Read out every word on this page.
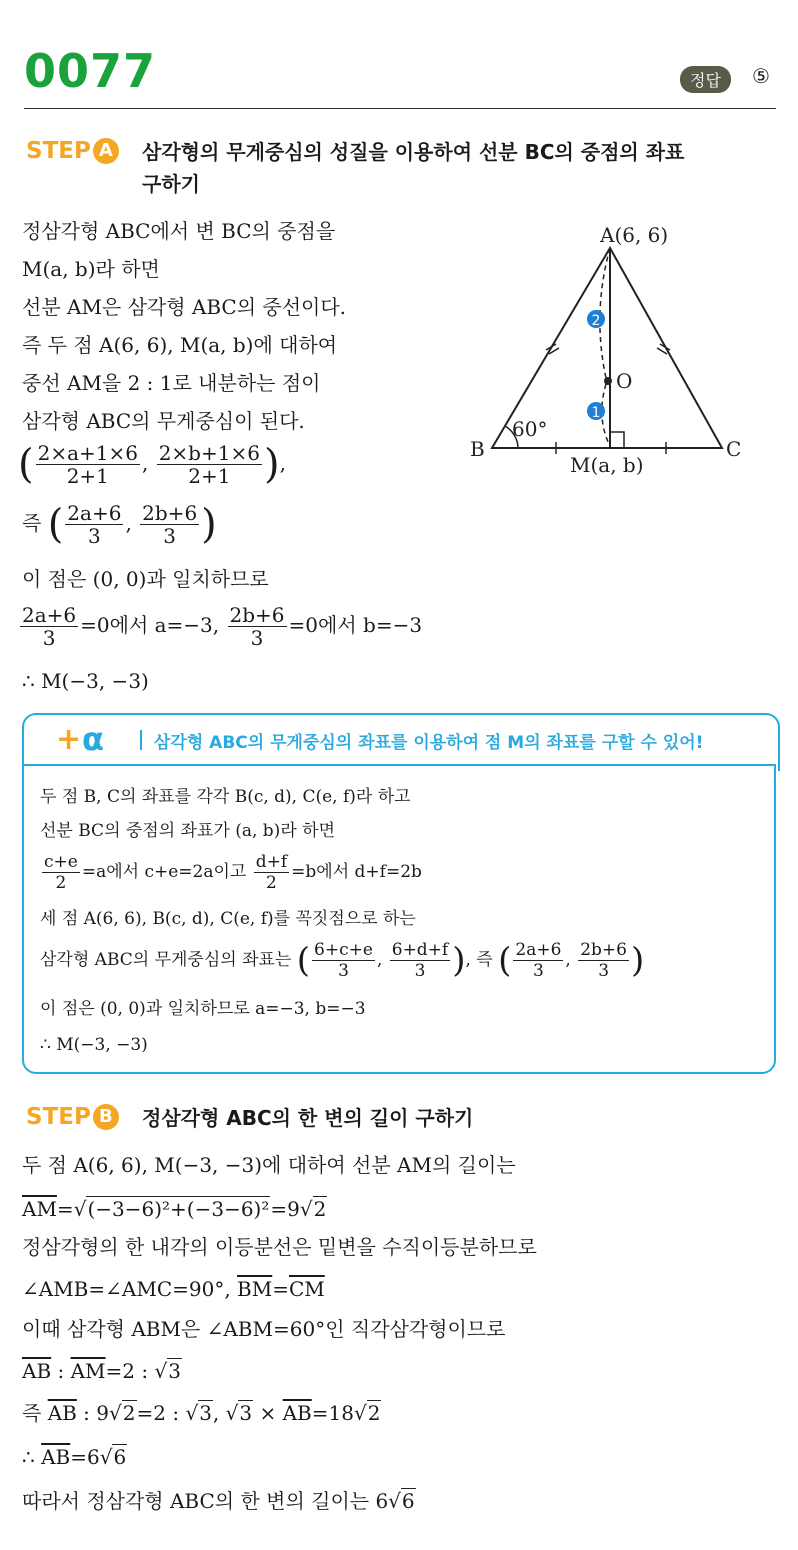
0077	정답	⑤
STEP A	삼각형의 무게중심의 성질을 이용하여 선분 BC의 중점의 좌표
구하기
정삼각형 ABC에서 변 BC의 중점을
M(a, b)라 하면
선분 AM은 삼각형 ABC의 중선이다.
즉 두 점 A(6, 6), M(a, b)에 대하여
중선 AM을 2 : 1로 내분하는 점이
삼각형 ABC의 무게중심이 된다.
( $\frac{2\times a+1\times 6}{2+1}$ , $\frac{2\times b+1\times 6}{2+1}$ ),
즉 ( $\frac{2a+6}{3}$ , $\frac{2b+6}{3}$ )
이 점은 (0, 0)과 일치하므로
$\frac{2a+6}{3} =0$에서 a=−3, $\frac{2b+6}{3} =0$에서 b=−3
∴ M(−3, −3)
2
1
A(6, 6)
B	C
M(a, b)
O
60°
+ α	삼각형 ABC의 무게중심의 좌표를 이용하여 점 M의 좌표를 구할 수 있어!
두 점 B, C의 좌표를 각각 B(c, d), C(e, f)라 하고
선분 BC의 중점의 좌표가 (a, b)라 하면
$\frac{c+e}{2} =a$에서 c+e=2a이고 $\frac{d+f}{2} =b$에서 d+f=2b
세 점 A(6, 6), B(c, d), C(e, f)를 꼭짓점으로 하는
삼각형 ABC의 무게중심의 좌표는 ( $\frac{6+c+e}{3}$ , $\frac{6+d+f}{3}$ ), 즉 ( $\frac{2a+6}{3}$ , $\frac{2b+6}{3}$ )
이 점은 (0, 0)과 일치하므로 a=−3, b=−3
∴ M(−3, −3)
STEP B	정삼각형 ABC의 한 변의 길이 구하기
두 점 A(6, 6), M(−3, −3)에 대하여 선분 AM의 길이는
$\overline{AM}=√(-3-6)^2+(-3-6)^2=9√2$
정삼각형의 한 내각의 이등분선은 밑변을 수직이등분하므로
∠AMB=∠AMC=90°, $\overline{BM}=\overline{CM}$
이때 삼각형 ABM은 ∠ABM=60°인 직각삼각형이므로
$\overline{AB}$ : $\overline{AM}=2$ : √3
즉 $\overline{AB}$ : 9√2=2 : √3, $√3 \times \overline{AB}=18√2$
∴ $\overline{AB}=6√6$
따라서 정삼각형 ABC의 한 변의 길이는 6√6
